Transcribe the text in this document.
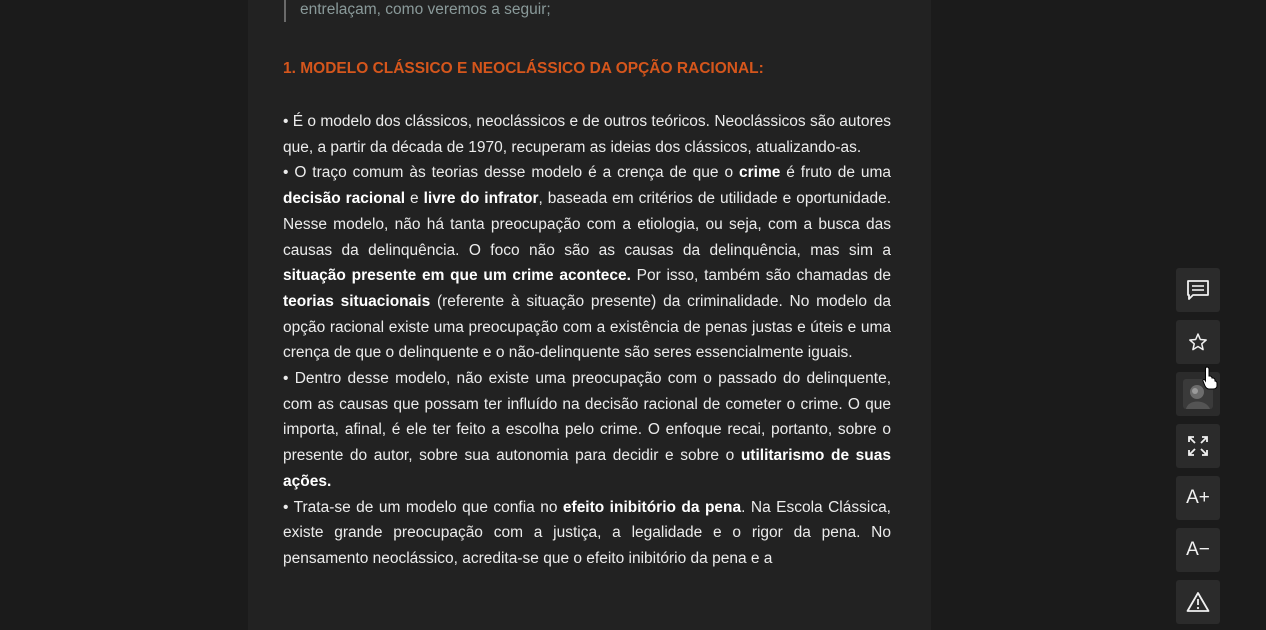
entrelaçam, como veremos a seguir;
1. MODELO CLÁSSICO E NEOCLÁSSICO DA OPÇÃO RACIONAL:
• É o modelo dos clássicos, neoclássicos e de outros teóricos. Neoclássicos são autores que, a partir da década de 1970, recuperam as ideias dos clássicos, atualizando-as.
• O traço comum às teorias desse modelo é a crença de que o crime é fruto de uma decisão racional e livre do infrator, baseada em critérios de utilidade e oportunidade. Nesse modelo, não há tanta preocupação com a etiologia, ou seja, com a busca das causas da delinquência. O foco não são as causas da delinquência, mas sim a situação presente em que um crime acontece. Por isso, também são chamadas de teorias situacionais (referente à situação presente) da criminalidade. No modelo da opção racional existe uma preocupação com a existência de penas justas e úteis e uma crença de que o delinquente e o não-delinquente são seres essencialmente iguais.
• Dentro desse modelo, não existe uma preocupação com o passado do delinquente, com as causas que possam ter influído na decisão racional de cometer o crime. O que importa, afinal, é ele ter feito a escolha pelo crime. O enfoque recai, portanto, sobre o presente do autor, sobre sua autonomia para decidir e sobre o utilitarismo de suas ações.
• Trata-se de um modelo que confia no efeito inibitório da pena. Na Escola Clássica, existe grande preocupação com a justiça, a legalidade e o rigor da pena. No pensamento neoclássico, acredita-se que o efeito inibitório da pena e a
A+
A−
